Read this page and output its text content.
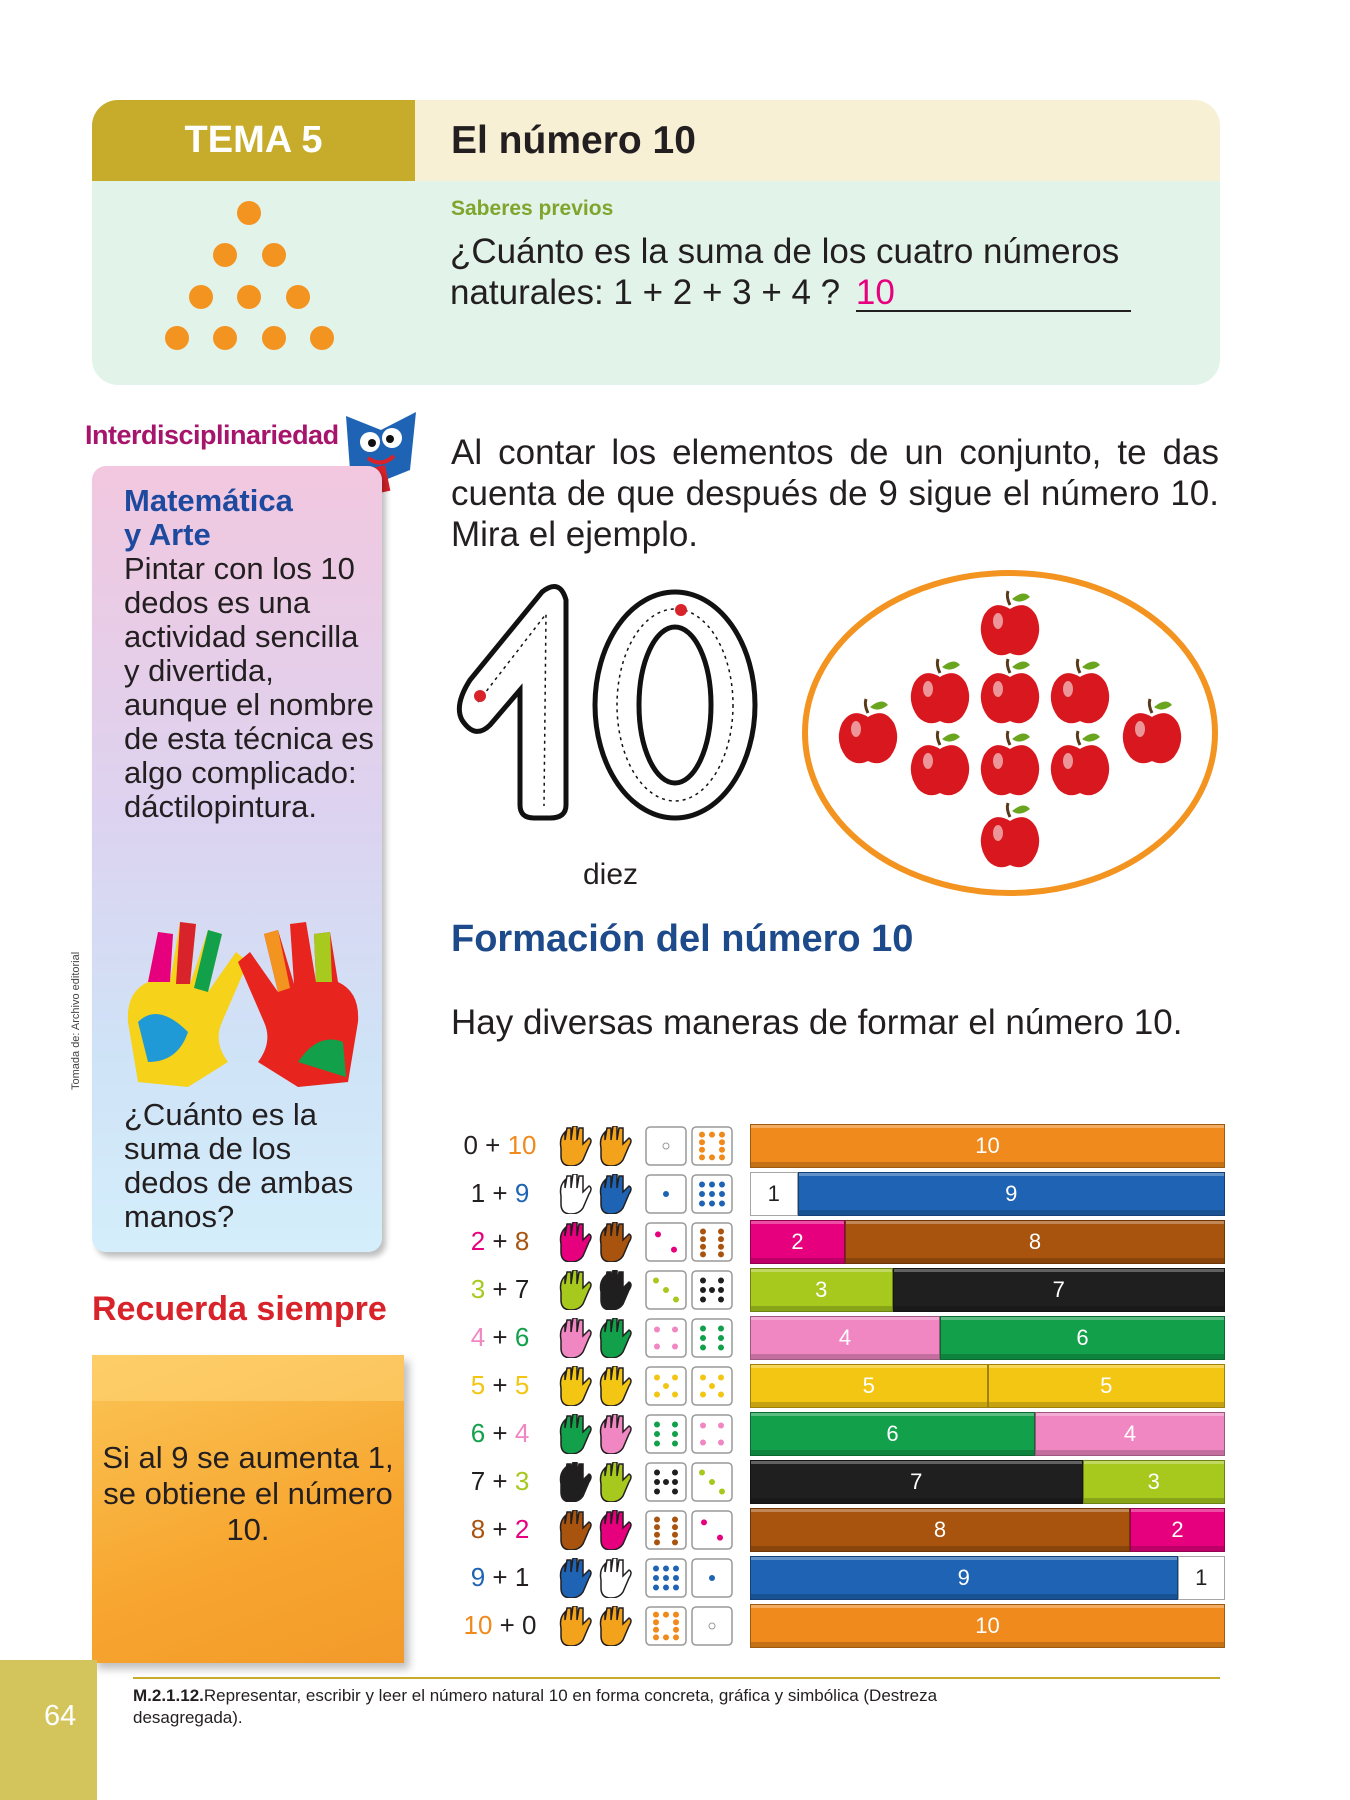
TEMA 5	El número 10
Saberes previos
¿Cuánto es la suma de los cuatro números naturales: 1 + 2 + 3 + 4 ? 10
Interdisciplinariedad
Matemática
y Arte
Pintar con los 10 dedos es una actividad sencilla y divertida, aunque el nombre de esta técnica es algo complicado: dáctilopintura.
Tomada de: Archivo editorial
¿Cuánto es la suma de los dedos de ambas manos?
Recuerda siempre
Si al 9 se aumenta 1, se obtiene el número 10.
Al contar los elementos de un conjunto, te das cuenta de que después de 9 sigue el número 10. Mira el ejemplo.
diez
Formación del número 10
Hay diversas maneras de formar el número 10.
0 + 10	10
1 + 9	1	9
2 + 8	2	8
3 + 7	3	7
4 + 6	4	6
5 + 5	5	5
6 + 4	6	4
7 + 3	7	3
8 + 2	8	2
9 + 1	9	1
10 + 0	10
M.2.1.12.Representar, escribir y leer el número natural 10 en forma concreta, gráfica y simbólica (Destreza desagregada).
64
